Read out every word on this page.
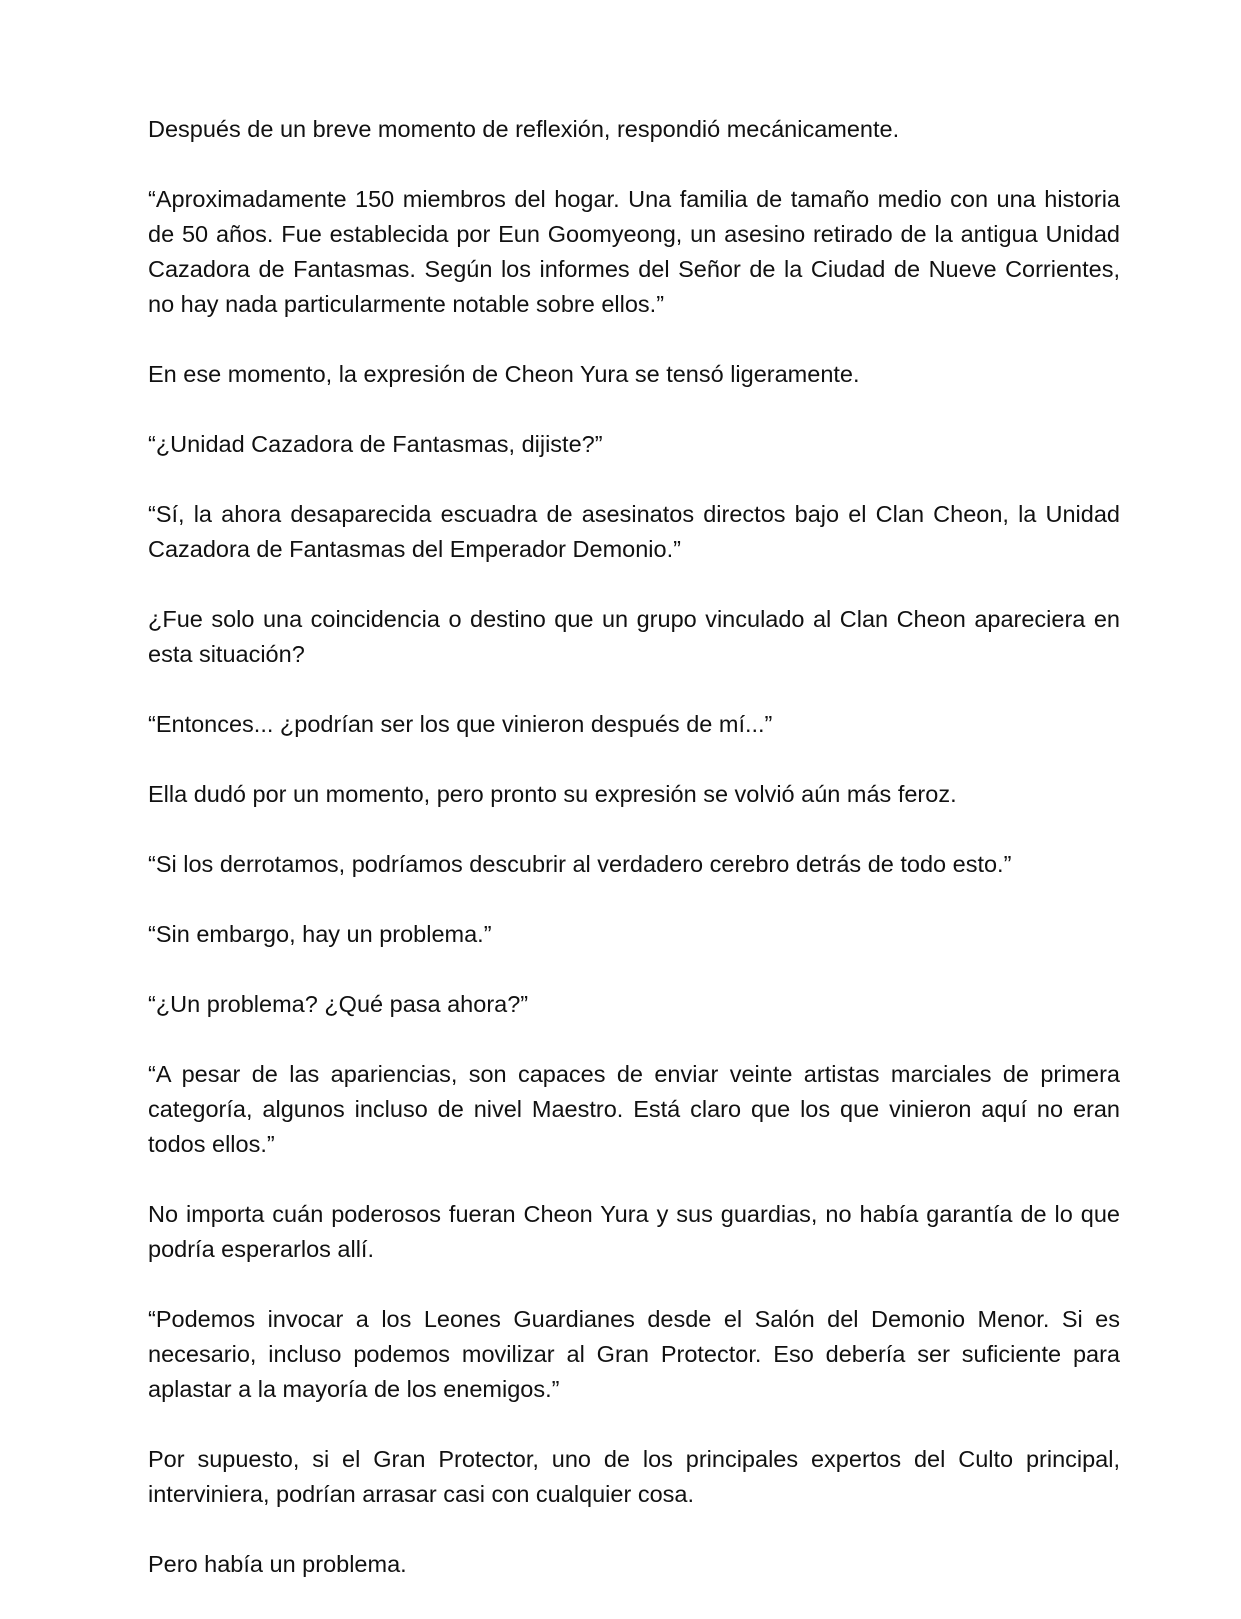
Después de un breve momento de reflexión, respondió mecánicamente.

“Aproximadamente 150 miembros del hogar. Una familia de tamaño medio con una historia de 50 años. Fue establecida por Eun Goomyeong, un asesino retirado de la antigua Unidad Cazadora de Fantasmas. Según los informes del Señor de la Ciudad de Nueve Corrientes, no hay nada particularmente notable sobre ellos.”

En ese momento, la expresión de Cheon Yura se tensó ligeramente.

“¿Unidad Cazadora de Fantasmas, dijiste?”

“Sí, la ahora desaparecida escuadra de asesinatos directos bajo el Clan Cheon, la Unidad Cazadora de Fantasmas del Emperador Demonio.”

¿Fue solo una coincidencia o destino que un grupo vinculado al Clan Cheon apareciera en esta situación?

“Entonces... ¿podrían ser los que vinieron después de mí...”

Ella dudó por un momento, pero pronto su expresión se volvió aún más feroz.

“Si los derrotamos, podríamos descubrir al verdadero cerebro detrás de todo esto.”

“Sin embargo, hay un problema.”

“¿Un problema? ¿Qué pasa ahora?”

“A pesar de las apariencias, son capaces de enviar veinte artistas marciales de primera categoría, algunos incluso de nivel Maestro. Está claro que los que vinieron aquí no eran todos ellos.”

No importa cuán poderosos fueran Cheon Yura y sus guardias, no había garantía de lo que podría esperarlos allí.

“Podemos invocar a los Leones Guardianes desde el Salón del Demonio Menor. Si es necesario, incluso podemos movilizar al Gran Protector. Eso debería ser suficiente para aplastar a la mayoría de los enemigos.”

Por supuesto, si el Gran Protector, uno de los principales expertos del Culto principal, interviniera, podrían arrasar casi con cualquier cosa.

Pero había un problema.
